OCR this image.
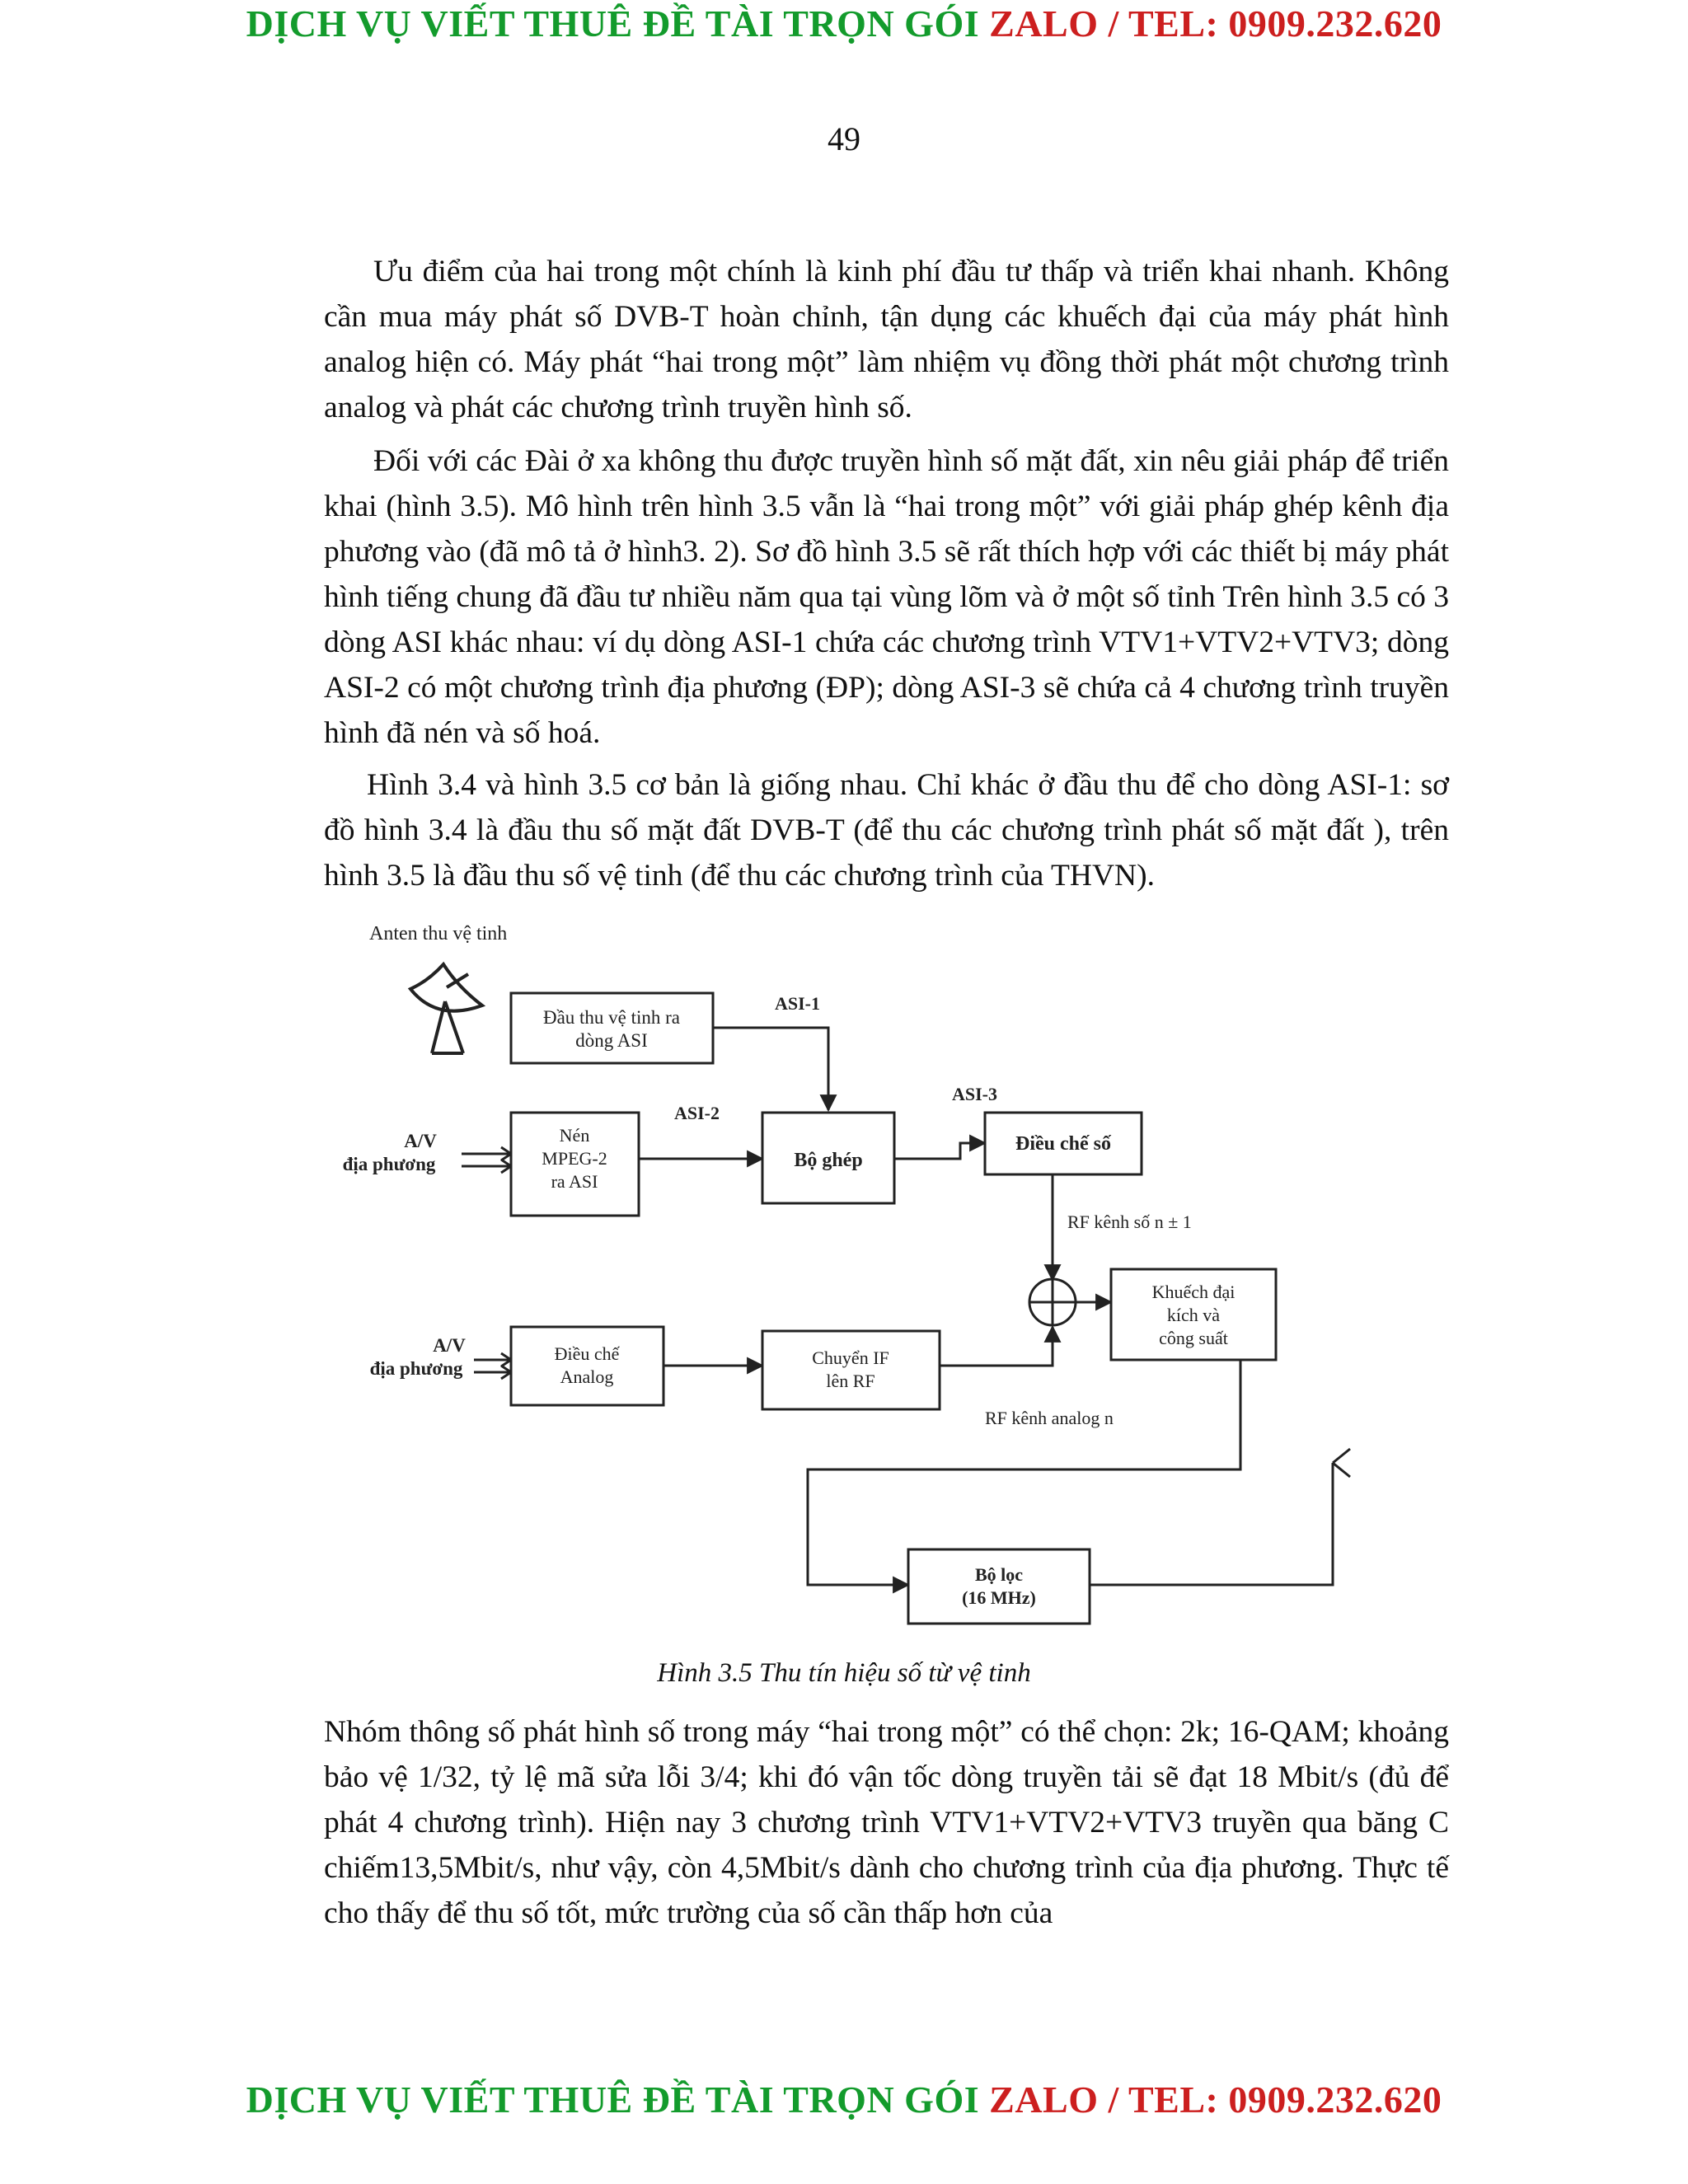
DỊCH VỤ VIẾT THUÊ ĐỀ TÀI TRỌN GÓI ZALO / TEL: 0909.232.620
49

Ưu điểm của hai trong một chính là kinh phí đầu tư thấp và triển khai nhanh. Không cần mua máy phát số DVB-T hoàn chỉnh, tận dụng các khuếch đại của máy phát hình analog hiện có. Máy phát “hai trong một” làm nhiệm vụ đồng thời phát một chương trình analog và phát các chương trình truyền hình số.

Đối với các Đài ở xa không thu được truyền hình số mặt đất, xin nêu giải pháp để triển khai (hình 3.5). Mô hình trên hình 3.5 vẫn là “hai trong một” với giải pháp ghép kênh địa phương vào (đã mô tả ở hình3. 2). Sơ đồ hình 3.5 sẽ rất thích hợp với các thiết bị máy phát hình tiếng chung đã đầu tư nhiều năm qua tại vùng lõm và ở một số tỉnh Trên hình 3.5 có 3 dòng ASI khác nhau: ví dụ dòng ASI-1 chứa các chương trình VTV1+VTV2+VTV3; dòng ASI-2 có một chương trình địa phương (ĐP); dòng ASI-3 sẽ chứa cả 4 chương trình truyền hình đã nén và số hoá.

Hình 3.4 và hình 3.5 cơ bản là giống nhau. Chỉ khác ở đầu thu để cho dòng ASI-1: sơ đồ hình 3.4 là đầu thu số mặt đất DVB-T (để thu các chương trình phát số mặt đất ), trên hình 3.5 là đầu thu số vệ tinh (để thu các chương trình của THVN).

Anten thu vệ tinh
Đầu thu vệ tinh ra
dòng ASI
ASI-1
A/V
địa phương
Nén
MPEG-2
ra ASI
ASI-2
Bộ ghép
ASI-3
Điều chế số
RF kênh số n ± 1
Khuếch đại
kích và
công suất
A/V
địa phương
Điều chế
Analog
Chuyển IF
lên RF
RF kênh analog n
Bộ lọc
(16 MHz)
Hình 3.5 Thu tín hiệu số từ vệ tinh

Nhóm thông số phát hình số trong máy “hai trong một” có thể chọn: 2k; 16-QAM; khoảng bảo vệ 1/32, tỷ lệ mã sửa lỗi 3/4; khi đó vận tốc dòng truyền tải sẽ đạt 18 Mbit/s (đủ để phát 4 chương trình). Hiện nay 3 chương trình VTV1+VTV2+VTV3 truyền qua băng C chiếm13,5Mbit/s, như vậy, còn 4,5Mbit/s dành cho chương trình của địa phương. Thực tế cho thấy để thu số tốt, mức trường của số cần thấp hơn của

DỊCH VỤ VIẾT THUÊ ĐỀ TÀI TRỌN GÓI ZALO / TEL: 0909.232.620
